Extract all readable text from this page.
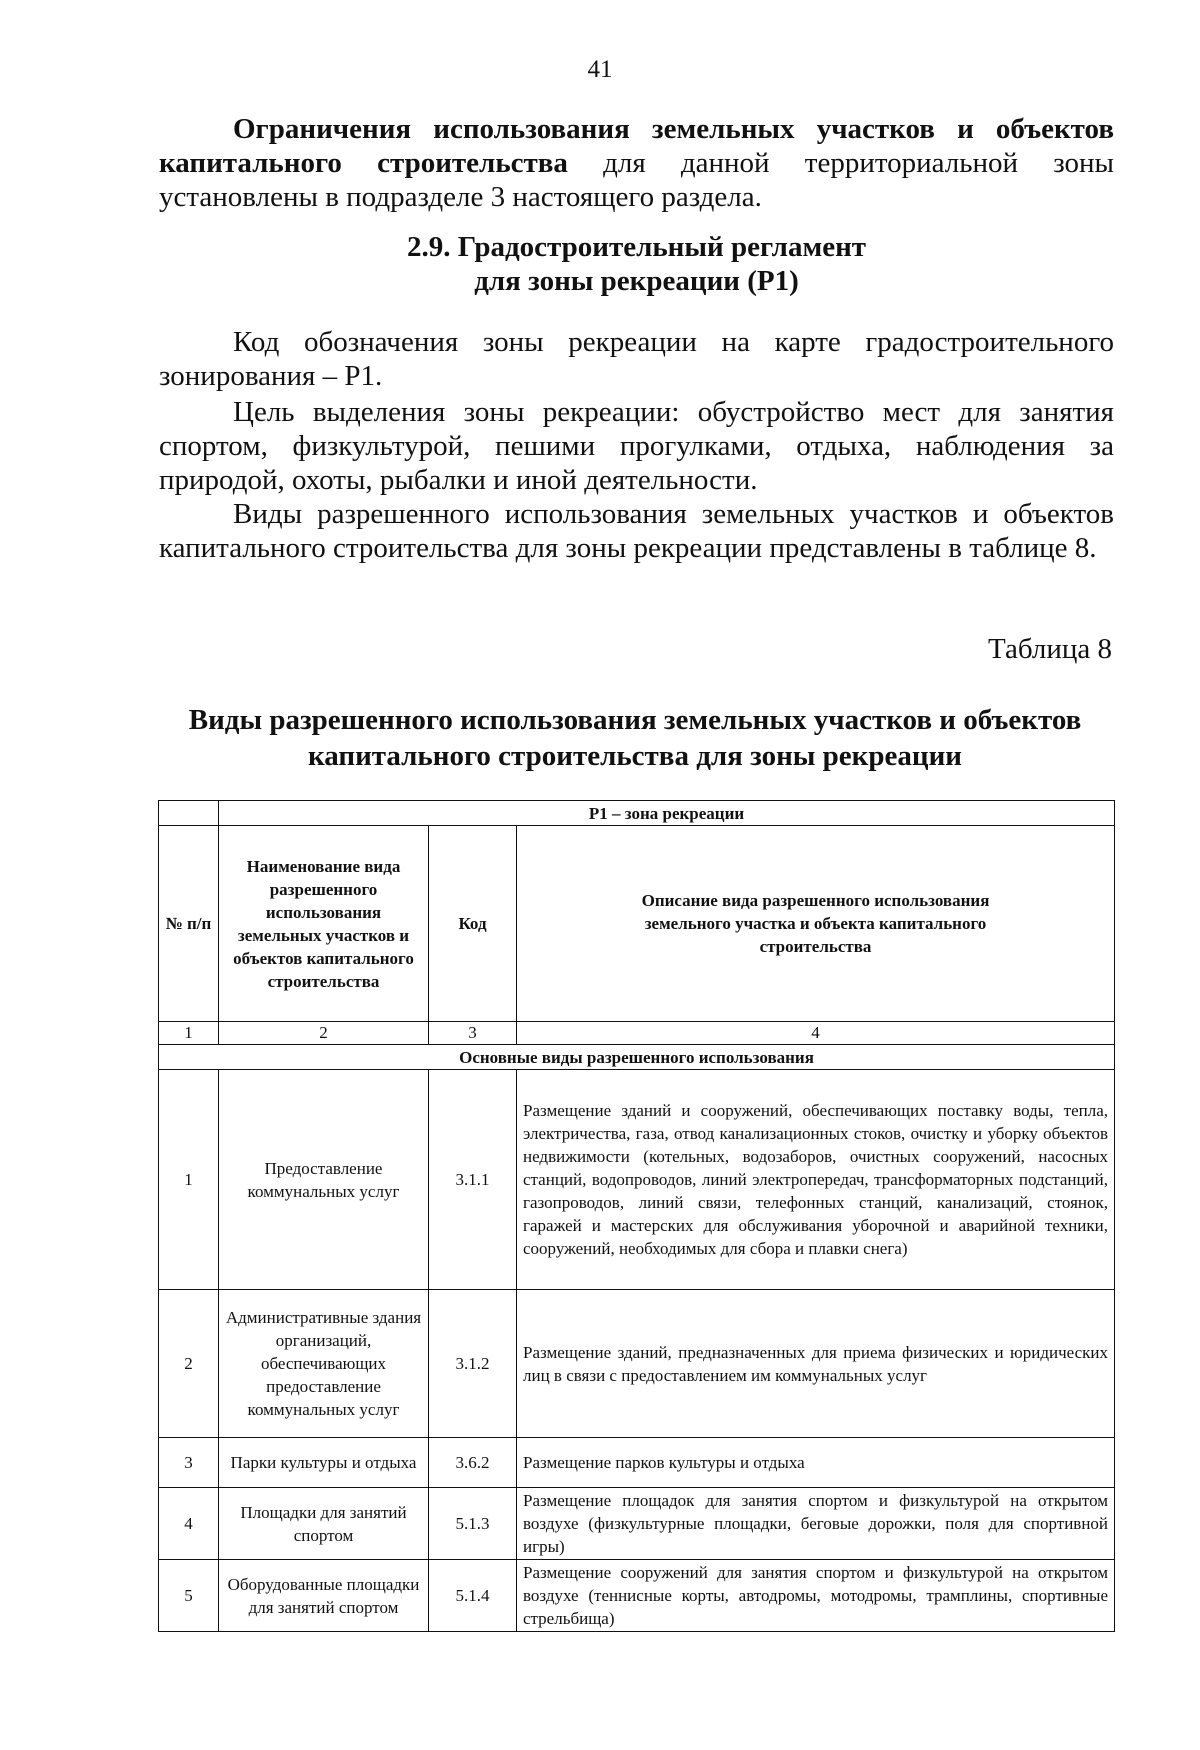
41
Ограничения использования земельных участков и объектов капитального строительства для данной территориальной зоны установлены в подразделе 3 настоящего раздела.
2.9. Градостроительный регламент
для зоны рекреации (Р1)
Код обозначения зоны рекреации на карте градостроительного зонирования – Р1.
Цель выделения зоны рекреации: обустройство мест для занятия спортом, физкультурой, пешими прогулками, отдыха, наблюдения за природой, охоты, рыбалки и иной деятельности.
Виды разрешенного использования земельных участков и объектов капитального строительства для зоны рекреации представлены в таблице 8.
Таблица 8
Виды разрешенного использования земельных участков и объектов
капитального строительства для зоны рекреации
	Р1 – зона рекреации		
№ п/п	Наименование вида разрешенного использования земельных участков и объектов капитального строительства	Код	Описание вида разрешенного использования земельного участка и объекта капитального строительства
1	2	3	4
Основные виды разрешенного использования			
1	Предоставление коммунальных услуг	3.1.1	Размещение зданий и сооружений, обеспечивающих поставку воды, тепла, электричества, газа, отвод канализационных стоков, очистку и уборку объектов недвижимости (котельных, водозаборов, очистных сооружений, насосных станций, водопроводов, линий электропередач, трансформаторных подстанций, газопроводов, линий связи, телефонных станций, канализаций, стоянок, гаражей и мастерских для обслуживания уборочной и аварийной техники, сооружений, необходимых для сбора и плавки снега)
2	Административные здания организаций, обеспечивающих предоставление коммунальных услуг	3.1.2	Размещение зданий, предназначенных для приема физических и юридических лиц в связи с предоставлением им коммунальных услуг
3	Парки культуры и отдыха	3.6.2	Размещение парков культуры и отдыха
4	Площадки для занятий спортом	5.1.3	Размещение площадок для занятия спортом и физкультурой на открытом воздухе (физкультурные площадки, беговые дорожки, поля для спортивной игры)
5	Оборудованные площадки для занятий спортом	5.1.4	Размещение сооружений для занятия спортом и физкультурой на открытом воздухе (теннисные корты, автодромы, мотодромы, трамплины, спортивные стрельбища)
